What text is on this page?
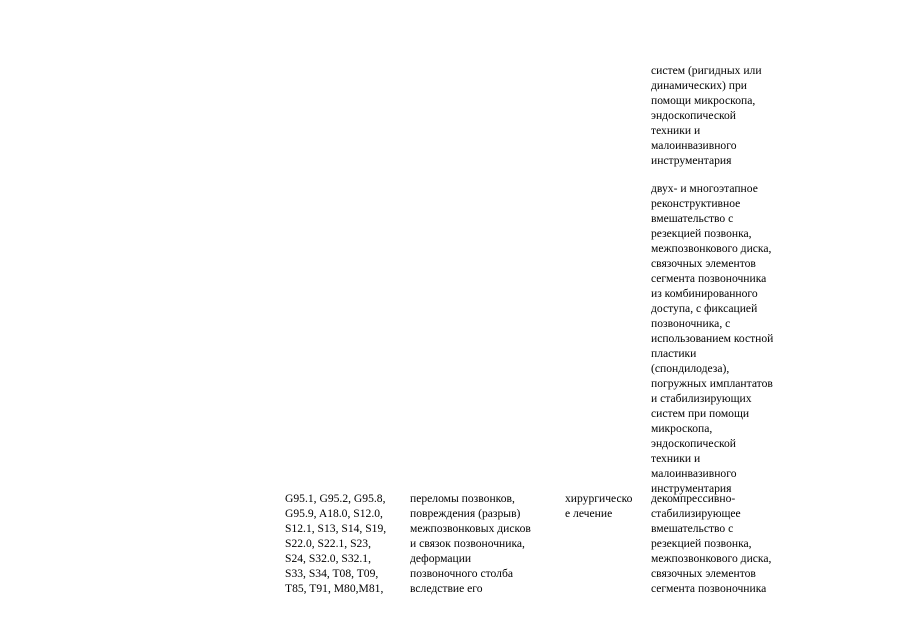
систем (ригидных или
динамических) при
помощи микроскопа,
эндоскопической
техники и
малоинвазивного
инструментария
двух- и многоэтапное
реконструктивное
вмешательство с
резекцией позвонка,
межпозвонкового диска,
связочных элементов
сегмента позвоночника
из комбинированного
доступа, с фиксацией
позвоночника, с
использованием костной
пластики
(спондилодеза),
погружных имплантатов
и стабилизирующих
систем при помощи
микроскопа,
эндоскопической
техники и
малоинвазивного
инструментария
G95.1, G95.2, G95.8,
G95.9, A18.0, S12.0,
S12.1, S13, S14, S19,
S22.0, S22.1, S23,
S24, S32.0, S32.1,
S33, S34, T08, T09,
T85, T91, M80,M81,
переломы позвонков,
повреждения (разрыв)
межпозвонковых дисков
и связок позвоночника,
деформации
позвоночного столба
вследствие его
хирургическо
е лечение
декомпрессивно-
стабилизирующее
вмешательство с
резекцией позвонка,
межпозвонкового диска,
связочных элементов
сегмента позвоночника
